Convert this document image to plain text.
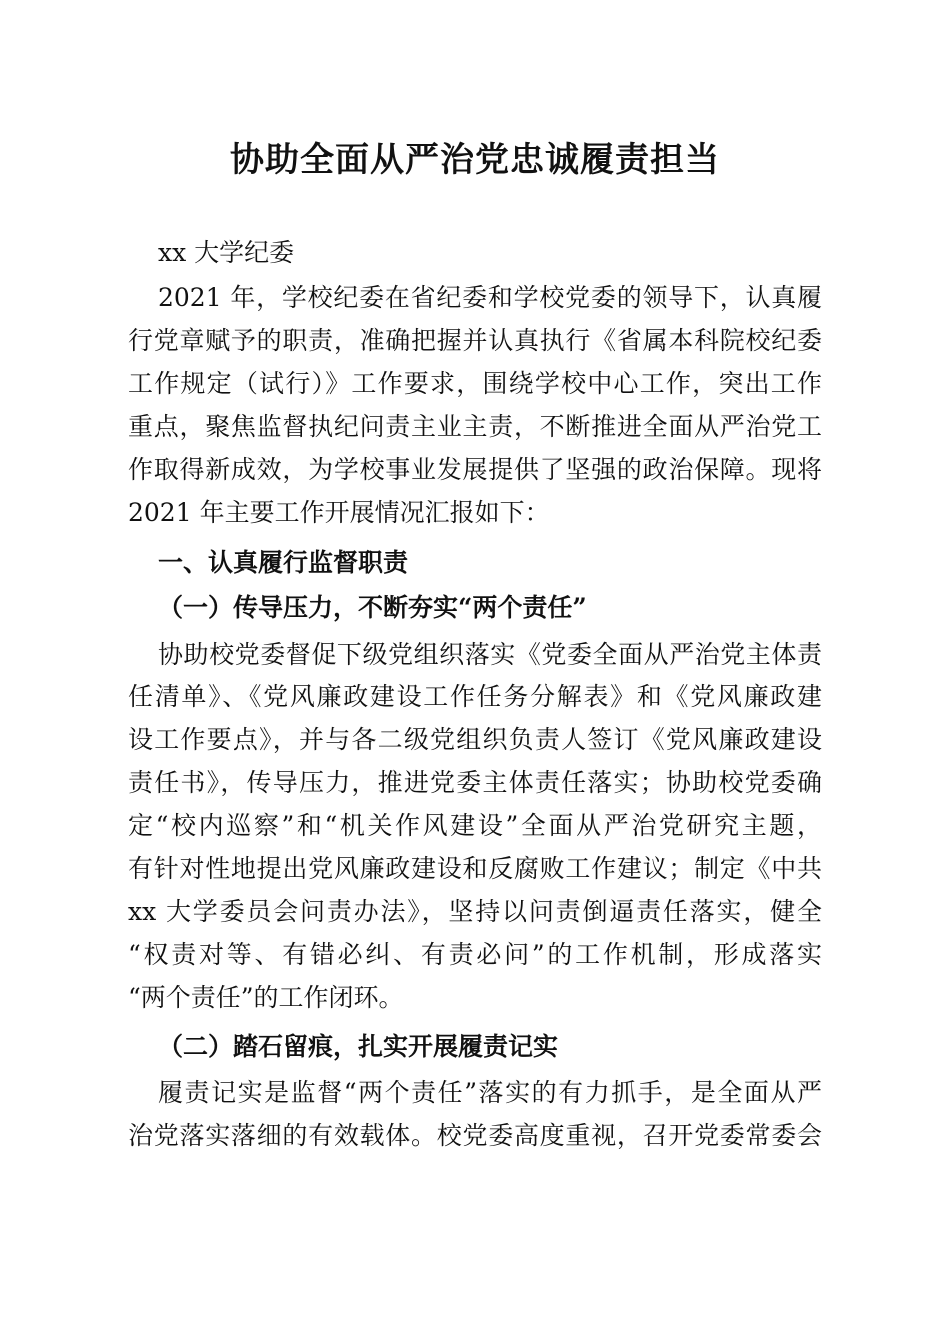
协助全面从严治党忠诚履责担当
xx 大学纪委
2021 年，学校纪委在省纪委和学校党委的领导下，认真履
行党章赋予的职责，准确把握并认真执行《省属本科院校纪委
工作规定（试行）》工作要求，围绕学校中心工作，突出工作
重点，聚焦监督执纪问责主业主责，不断推进全面从严治党工
作取得新成效，为学校事业发展提供了坚强的政治保障。现将
2021 年主要工作开展情况汇报如下：
一、认真履行监督职责
（一）传导压力，不断夯实“两个责任”
协助校党委督促下级党组织落实《党委全面从严治党主体责
任清单》、《党风廉政建设工作任务分解表》和《党风廉政建
设工作要点》，并与各二级党组织负责人签订《党风廉政建设
责任书》，传导压力，推进党委主体责任落实；协助校党委确
定“校内巡察”和“机关作风建设”全面从严治党研究主题，
有针对性地提出党风廉政建设和反腐败工作建议；制定《中共
xx 大学委员会问责办法》，坚持以问责倒逼责任落实，健全
“权责对等、有错必纠、有责必问”的工作机制，形成落实
“两个责任”的工作闭环。
（二）踏石留痕，扎实开展履责记实
履责记实是监督“两个责任”落实的有力抓手，是全面从严
治党落实落细的有效载体。校党委高度重视，召开党委常委会
